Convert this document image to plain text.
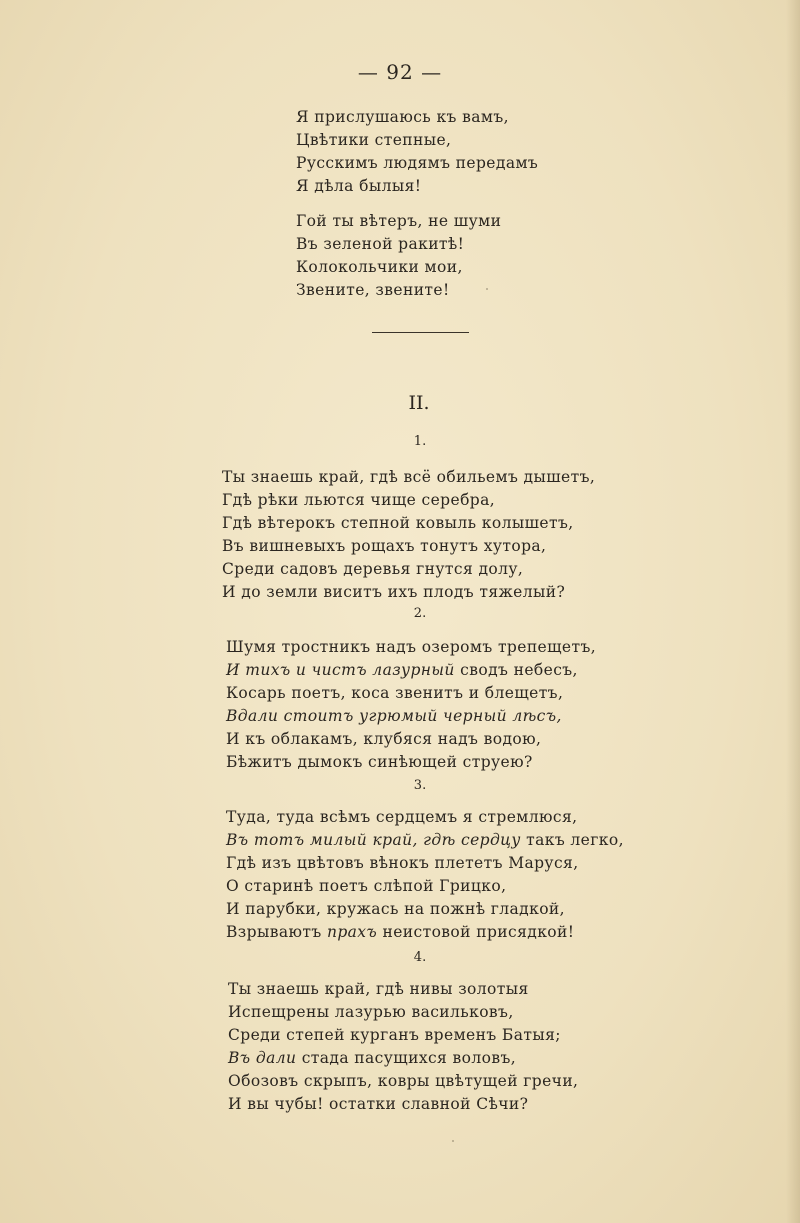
— 92 —
Я прислушаюсь къ вамъ,
Цвѣтики степные,
Русскимъ людямъ передамъ
Я дѣла былыя!
Гой ты вѣтеръ, не шуми
Въ зеленой ракитѣ!
Колокольчики мои,
Звените, звените!
II.
1.
Ты знаешь край, гдѣ всё обильемъ дышетъ,
Гдѣ рѣки льются чище серебра,
Гдѣ вѣтерокъ степной ковыль колышетъ,
Въ вишневыхъ рощахъ тонутъ хутора,
Среди садовъ деревья гнутся долу,
И до земли виситъ ихъ плодъ тяжелый?
2.
Шумя тростникъ надъ озеромъ трепещетъ,
И тихъ и чистъ лазурный сводъ небесъ,
Косарь поетъ, коса звенитъ и блещетъ,
Вдали стоитъ угрюмый черный лѣсъ,
И къ облакамъ, клубяся надъ водою,
Бѣжитъ дымокъ синѣющей струею?
3.
Туда, туда всѣмъ сердцемъ я стремлюся,
Въ тотъ милый край, гдѣ сердцу такъ легко,
Гдѣ изъ цвѣтовъ вѣнокъ плететъ Маруся,
О старинѣ поетъ слѣпой Грицко,
И парубки, кружась на пожнѣ гладкой,
Взрываютъ прахъ неистовой присядкой!
4.
Ты знаешь край, гдѣ нивы золотыя
Испещрены лазурью васильковъ,
Среди степей курганъ временъ Батыя;
Въ дали стада пасущихся воловъ,
Обозовъ скрыпъ, ковры цвѣтущей гречи,
И вы чубы! остатки славной Сѣчи?
